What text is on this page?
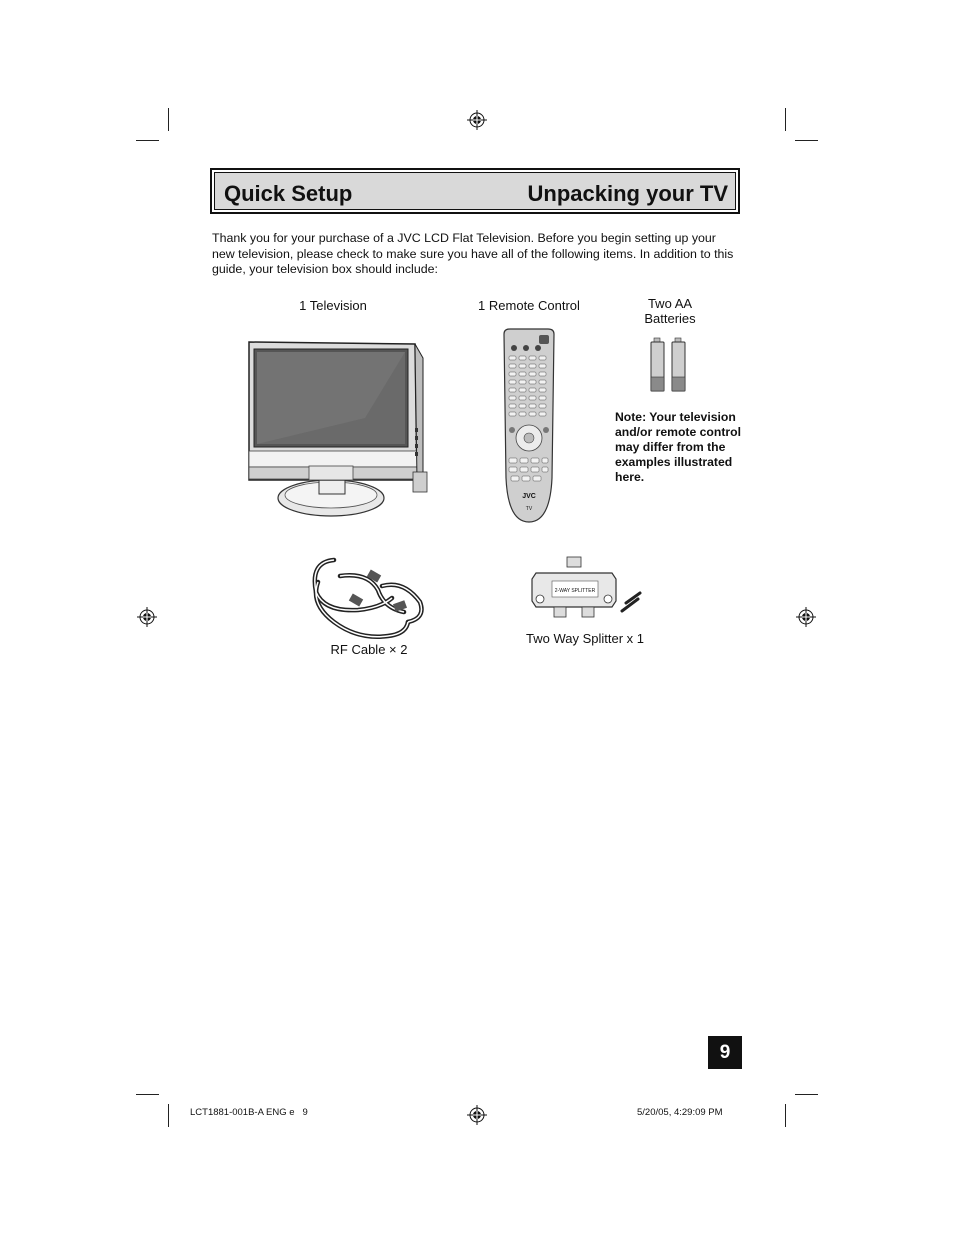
Quick Setup	Unpacking your TV
Thank you for your purchase of a JVC LCD Flat Television. Before you begin setting up your new television, please check to make sure you have all of the following items. In addition to this guide, your television box should include:
1 Television	1 Remote Control	Two AA
Batteries
JVC
TV
Note: Your television and/or remote control may differ from the examples illustrated here.
RF Cable × 2
2-WAY SPLITTER
Two Way Splitter x 1
9
LCT1881-001B-A ENG e   9	5/20/05, 4:29:09 PM
